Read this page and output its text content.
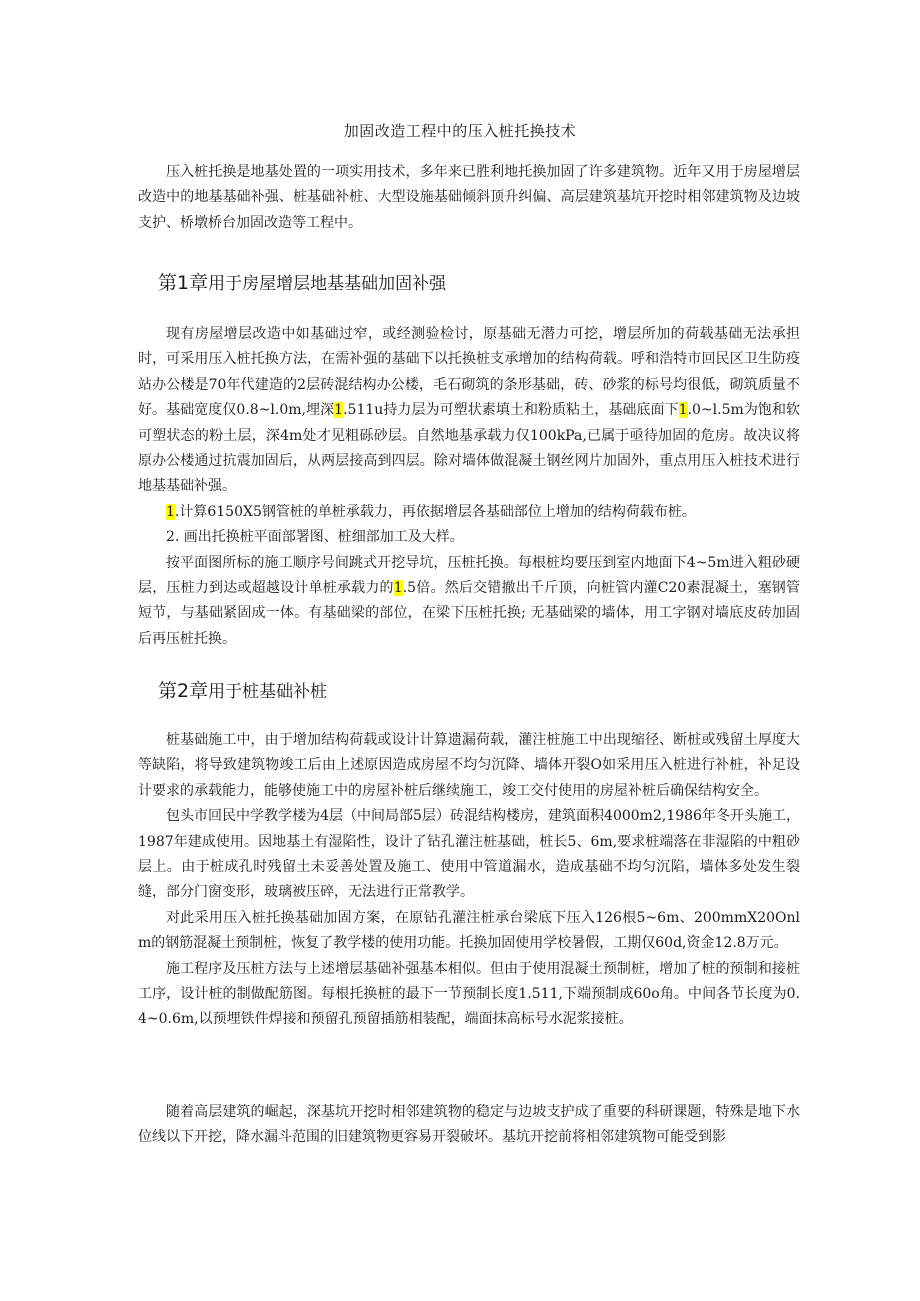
加固改造工程中的压入桩托换技术

压入桩托换是地基处置的一项实用技术，多年来已胜利地托换加固了许多建筑物。近年又用于房屋增层改造中的地基基础补强、桩基础补桩、大型设施基础倾斜顶升纠偏、高层建筑基坑开挖时相邻建筑物及边坡支护、桥墩桥台加固改造等工程中。

第1章用于房屋增层地基基础加固补强

现有房屋增层改造中如基础过窄，或经测验检讨，原基础无潜力可挖，增层所加的荷载基础无法承担时，可采用压入桩托换方法，在需补强的基础下以托换桩支承增加的结构荷载。呼和浩特市回民区卫生防疫站办公楼是70年代建造的2层砖混结构办公楼，毛石砌筑的条形基础，砖、砂浆的标号均很低，砌筑质量不好。基础宽度仅0.8~l.0m,埋深1.511u持力层为可塑状素填土和粉质粘土，基础底面下1.0~l.5m为饱和软可塑状态的粉土层，深4m处才见粗砾砂层。自然地基承载力仅100kPa,已属于亟待加固的危房。故决议将原办公楼通过抗震加固后，从两层接高到四层。除对墙体做混凝土钢丝网片加固外，重点用压入桩技术进行地基基础补强。

1.计算6150X5钢管桩的单桩承载力，再依据增层各基础部位上增加的结构荷载布桩。

2. 画出托换桩平面部署图、桩细部加工及大样。

按平面图所标的施工顺序号间跳式开挖导坑，压桩托换。每根桩均要压到室内地面下4~5m进入粗砂硬层，压桩力到达或超越设计单桩承载力的1.5倍。然后交错撤出千斤顶，向桩管内灌C20素混凝土，塞钢管短节，与基础紧固成一体。有基础梁的部位，在梁下压桩托换; 无基础梁的墙体，用工字钢对墙底皮砖加固后再压桩托换。

第2章用于桩基础补桩

桩基础施工中，由于增加结构荷载或设计计算遗漏荷载，灌注桩施工中出现缩径、断桩或残留土厚度大等缺陷，将导致建筑物竣工后由上述原因造成房屋不均匀沉降、墙体开裂O如采用压入桩进行补桩，补足设计要求的承载能力，能够使施工中的房屋补桩后继续施工，竣工交付使用的房屋补桩后确保结构安全。

包头市回民中学教学楼为4层（中间局部5层）砖混结构楼房，建筑面积4000m2,1986年冬开头施工，1987年建成使用。因地基土有湿陷性，设计了钻孔灌注桩基础，桩长5、6m,要求桩端落在非湿陷的中粗砂层上。由于桩成孔时残留土未妥善处置及施工、使用中管道漏水，造成基础不均匀沉陷，墙体多处发生裂缝，部分门窗变形，玻璃被压碎，无法进行正常教学。

对此采用压入桩托换基础加固方案，在原钻孔灌注桩承台梁底下压入126根5~6m、200mmX20Onlm的钢筋混凝土预制桩，恢复了教学楼的使用功能。托换加固使用学校暑假，工期仅60d,资金12.8万元。

施工程序及压桩方法与上述增层基础补强基本相似。但由于使用混凝土预制桩，增加了桩的预制和接桩工序，设计桩的制做配筋图。每根托换桩的最下一节预制长度1.511,下端预制成60o角。中间各节长度为0.4~0.6m,以预埋铁件焊接和预留孔预留插筋相装配，端面抹高标号水泥浆接桩。

随着高层建筑的崛起，深基坑开挖时相邻建筑物的稳定与边坡支护成了重要的科研课题，特殊是地下水位线以下开挖，降水漏斗范围的旧建筑物更容易开裂破坏。基坑开挖前将相邻建筑物可能受到影
